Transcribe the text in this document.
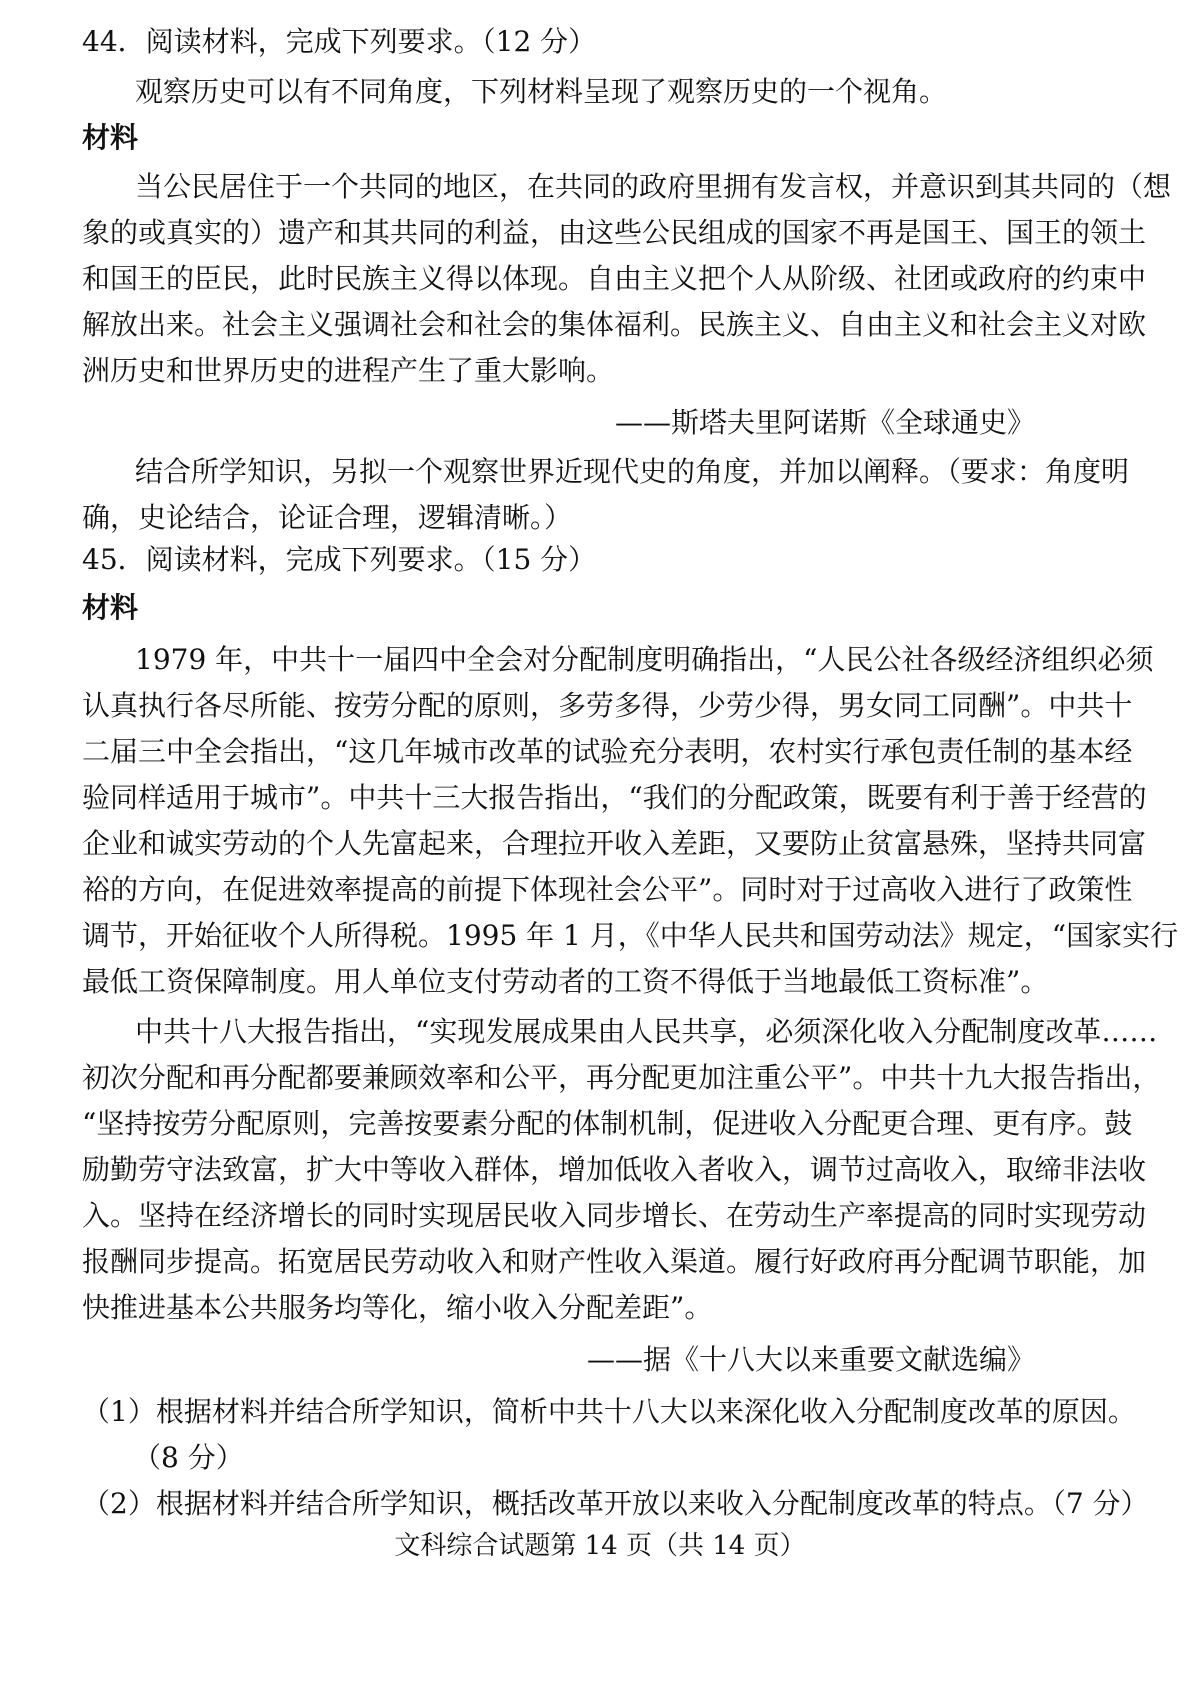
44．阅读材料，完成下列要求。（12 分）

观察历史可以有不同角度，下列材料呈现了观察历史的一个视角。

材料

当公民居住于一个共同的地区，在共同的政府里拥有发言权，并意识到其共同的（想

象的或真实的）遗产和其共同的利益，由这些公民组成的国家不再是国王、国王的领土

和国王的臣民，此时民族主义得以体现。自由主义把个人从阶级、社团或政府的约束中

解放出来。社会主义强调社会和社会的集体福利。民族主义、自由主义和社会主义对欧

洲历史和世界历史的进程产生了重大影响。

——斯塔夫里阿诺斯《全球通史》

结合所学知识，另拟一个观察世界近现代史的角度，并加以阐释。（要求：角度明

确，史论结合，论证合理，逻辑清晰。）

45．阅读材料，完成下列要求。（15 分）

材料

1979 年，中共十一届四中全会对分配制度明确指出，“人民公社各级经济组织必须

认真执行各尽所能、按劳分配的原则，多劳多得，少劳少得，男女同工同酬”。中共十

二届三中全会指出，“这几年城市改革的试验充分表明，农村实行承包责任制的基本经

验同样适用于城市”。中共十三大报告指出，“我们的分配政策，既要有利于善于经营的

企业和诚实劳动的个人先富起来，合理拉开收入差距，又要防止贫富悬殊，坚持共同富

裕的方向，在促进效率提高的前提下体现社会公平”。同时对于过高收入进行了政策性

调节，开始征收个人所得税。1995 年 1 月，《中华人民共和国劳动法》规定，“国家实行

最低工资保障制度。用人单位支付劳动者的工资不得低于当地最低工资标准”。

中共十八大报告指出，“实现发展成果由人民共享，必须深化收入分配制度改革……

初次分配和再分配都要兼顾效率和公平，再分配更加注重公平”。中共十九大报告指出，

“坚持按劳分配原则，完善按要素分配的体制机制，促进收入分配更合理、更有序。鼓

励勤劳守法致富，扩大中等收入群体，增加低收入者收入，调节过高收入，取缔非法收

入。坚持在经济增长的同时实现居民收入同步增长、在劳动生产率提高的同时实现劳动

报酬同步提高。拓宽居民劳动收入和财产性收入渠道。履行好政府再分配调节职能，加

快推进基本公共服务均等化，缩小收入分配差距”。

——据《十八大以来重要文献选编》

（1）根据材料并结合所学知识，简析中共十八大以来深化收入分配制度改革的原因。

（8 分）

（2）根据材料并结合所学知识，概括改革开放以来收入分配制度改革的特点。（7 分）

文科综合试题第 14 页（共 14 页）
